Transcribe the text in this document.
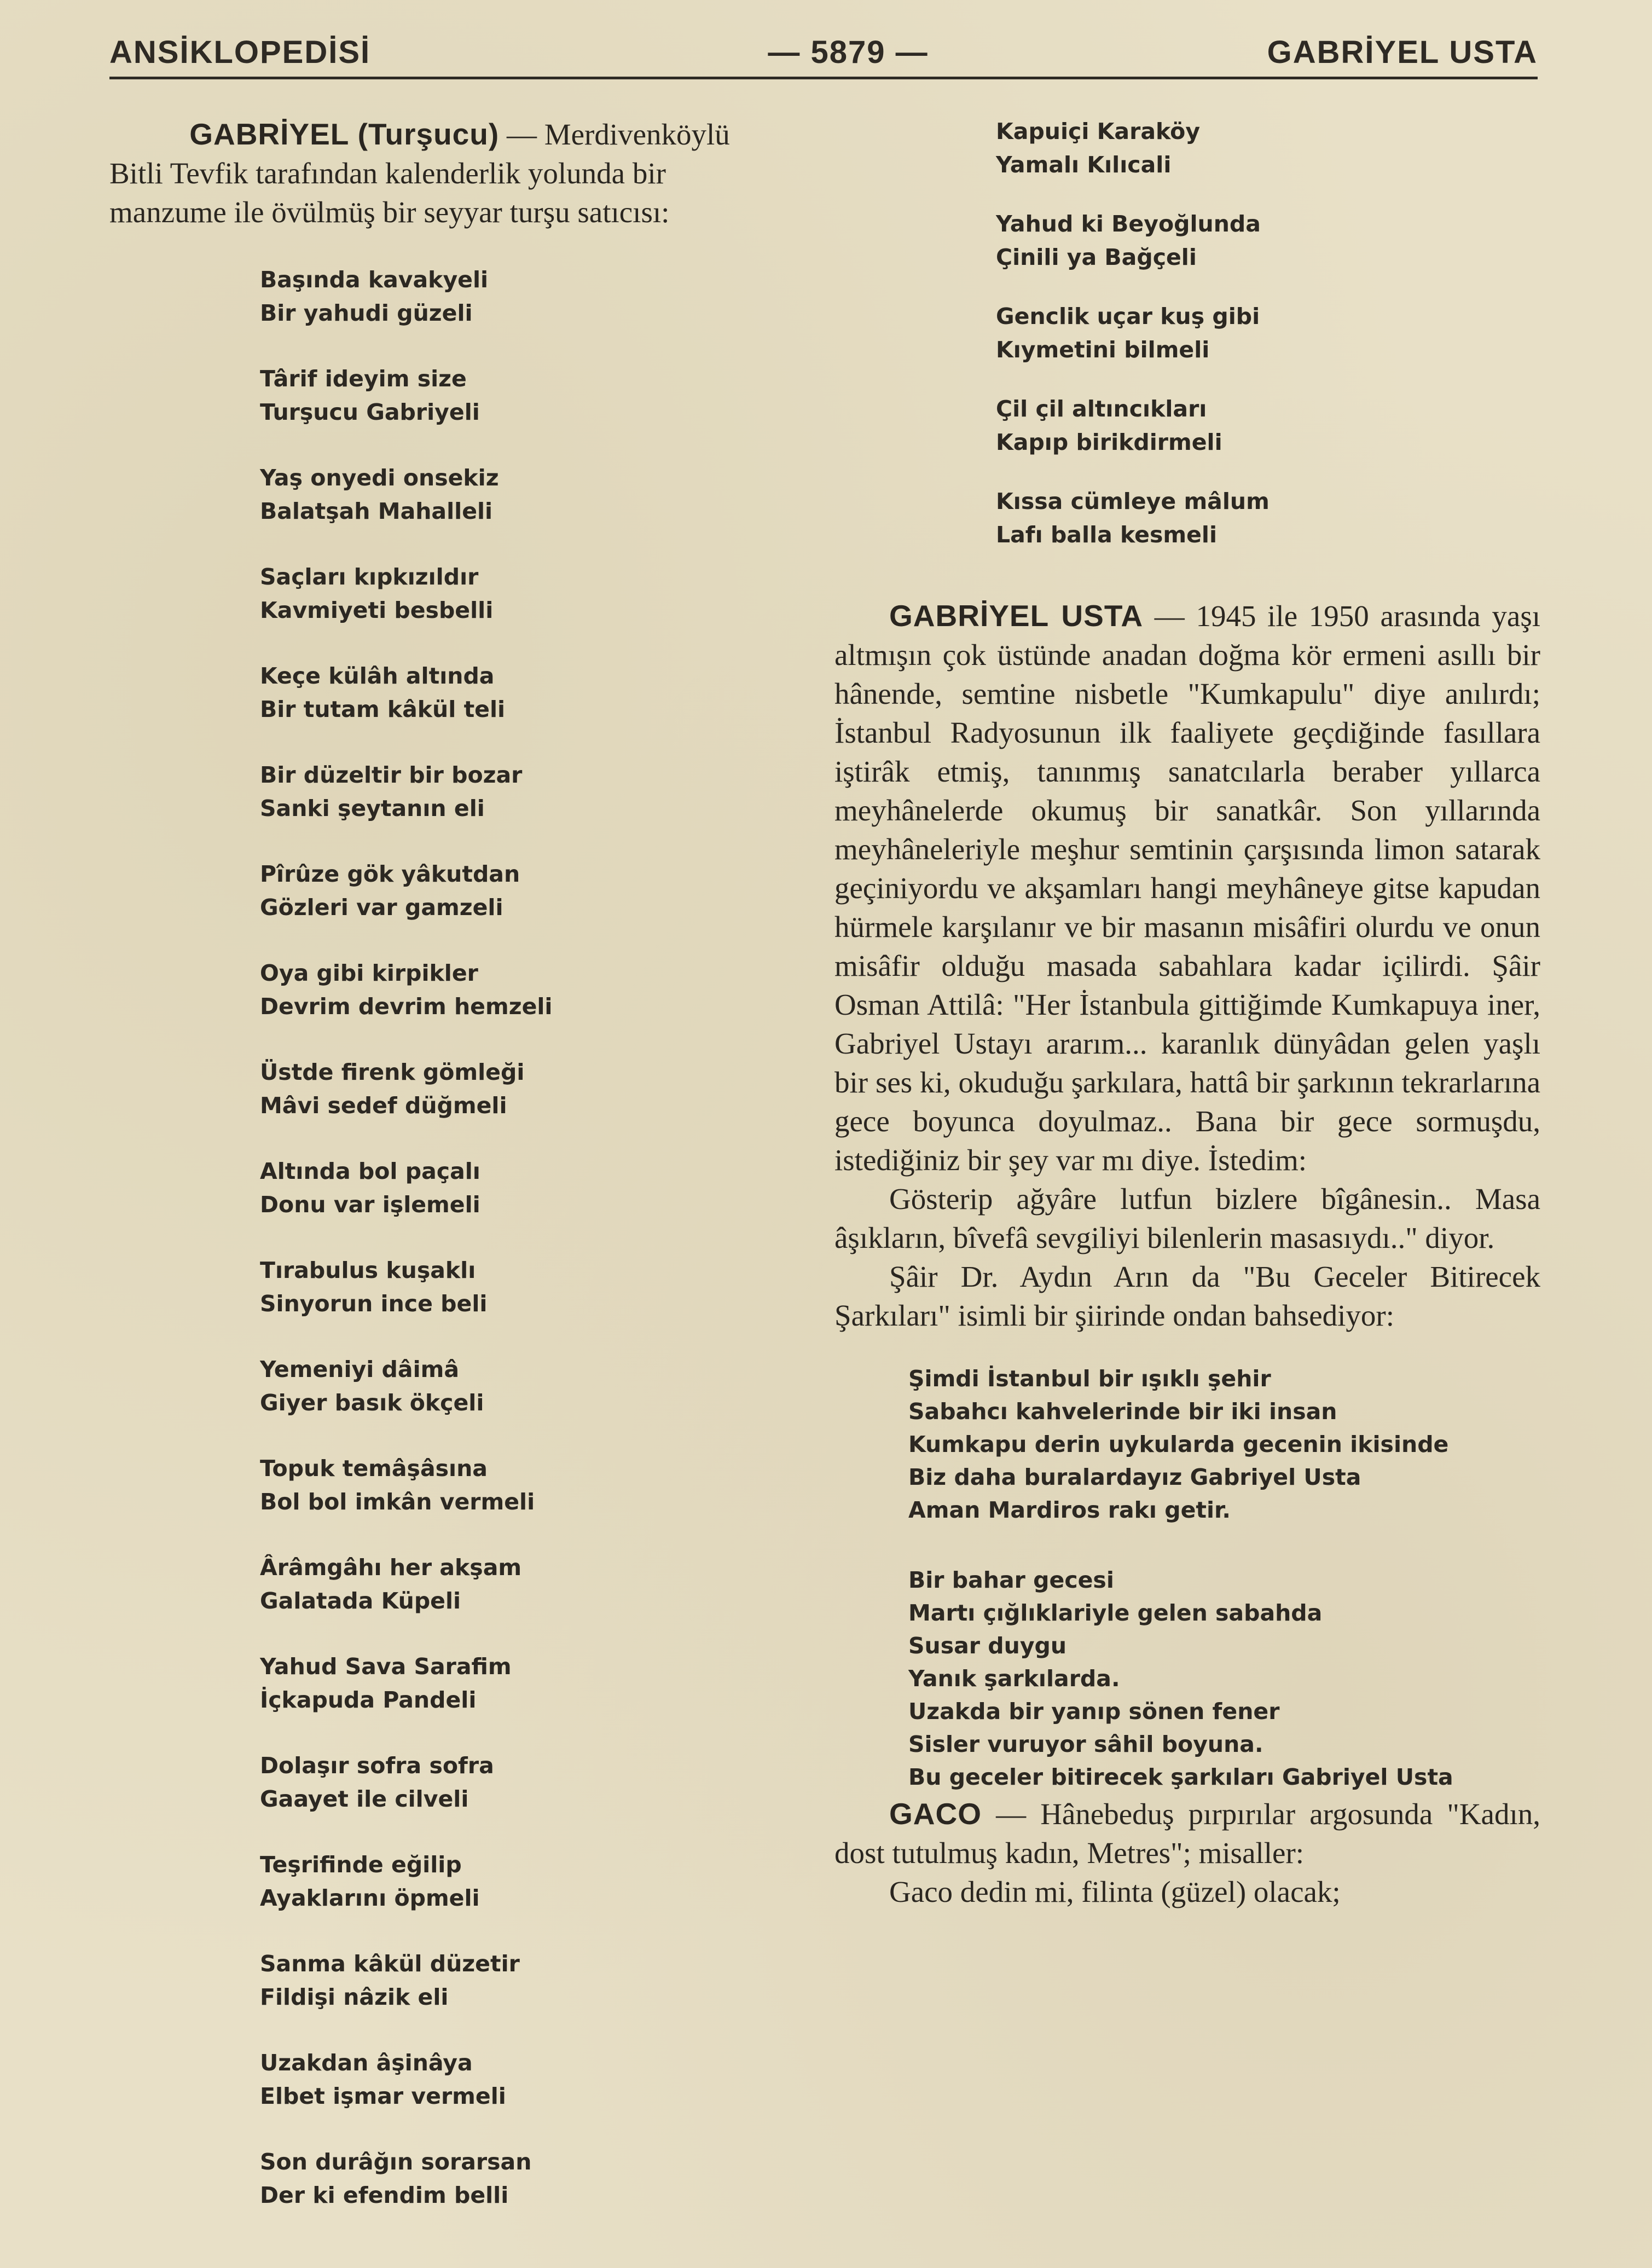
ANSİKLOPEDİSİ	— 5879 —	GABRİYEL USTA

GABRİYEL (Turşucu) — Merdivenköylü

Bitli Tevfik tarafından kalenderlik yolunda bir

manzume ile övülmüş bir seyyar turşu satıcısı:

Başında kavakyeli
Bir yahudi güzeli
Târif ideyim size
Turşucu Gabriyeli
Yaş onyedi onsekiz
Balatşah Mahalleli
Saçları kıpkızıldır
Kavmiyeti besbelli
Keçe külâh altında
Bir tutam kâkül teli
Bir düzeltir bir bozar
Sanki şeytanın eli
Pîrûze gök yâkutdan
Gözleri var gamzeli
Oya gibi kirpikler
Devrim devrim hemzeli
Üstde firenk gömleği
Mâvi sedef düğmeli
Altında bol paçalı
Donu var işlemeli
Tırabulus kuşaklı
Sinyorun ince beli
Yemeniyi dâimâ
Giyer basık ökçeli
Topuk temâşâsına
Bol bol imkân vermeli
Ârâmgâhı her akşam
Galatada Küpeli
Yahud Sava Sarafim
İçkapuda Pandeli
Dolaşır sofra sofra
Gaayet ile cilveli
Teşrifinde eğilip
Ayaklarını öpmeli
Sanma kâkül düzetir
Fildişi nâzik eli
Uzakdan âşinâya
Elbet işmar vermeli
Son durâğın sorarsan
Der ki efendim belli
Kapuiçi Karaköy
Yamalı Kılıcali
Yahud ki Beyoğlunda
Çinili ya Bağçeli
Genclik uçar kuş gibi
Kıymetini bilmeli
Çil çil altıncıkları
Kapıp birikdirmeli
Kıssa cümleye mâlum
Lafı balla kesmeli

GABRİYEL USTA — 1945 ile 1950 arasında yaşı altmışın çok üstünde anadan doğma kör ermeni asıllı bir hânende, semtine nisbetle "Kumkapulu" diye anılırdı; İstanbul Radyosunun ilk faaliyete geçdiğinde fasıllara iştirâk etmiş, tanınmış sanatcılarla beraber yıllarca meyhânelerde okumuş bir sanatkâr. Son yıllarında meyhâneleriyle meşhur semtinin çarşısında limon satarak geçiniyordu ve akşamları hangi meyhâneye gitse kapudan hürmele karşılanır ve bir masanın misâfiri olurdu ve onun misâfir olduğu masada sabahlara kadar içilirdi. Şâir Osman Attilâ: "Her İstanbula gittiğimde Kumkapuya iner, Gabriyel Ustayı ararım... karanlık dünyâdan gelen yaşlı bir ses ki, okuduğu şarkılara, hattâ bir şarkının tekrarlarına gece boyunca doyulmaz.. Bana bir gece sormuşdu, istediğiniz bir şey var mı diye. İstedim:

Gösterip ağyâre lutfun bizlere bîgânesin.. Masa âşıkların, bîvefâ sevgiliyi bilenlerin masasıydı.." diyor.

Şâir Dr. Aydın Arın da "Bu Geceler Bitirecek Şarkıları" isimli bir şiirinde ondan bahsediyor:

Şimdi İstanbul bir ışıklı şehir
Sabahcı kahvelerinde bir iki insan
Kumkapu derin uykularda gecenin ikisinde
Biz daha buralardayız Gabriyel Usta
Aman Mardiros rakı getir.
Bir bahar gecesi
Martı çığlıklariyle gelen sabahda
Susar duygu
Yanık şarkılarda.
Uzakda bir yanıp sönen fener
Sisler vuruyor sâhil boyuna.
Bu geceler bitirecek şarkıları Gabriyel Usta

GACO — Hânebeduş pırpırılar argosunda "Kadın, dost tutulmuş kadın, Metres"; misaller:

Gaco dedin mi, filinta (güzel) olacak;
